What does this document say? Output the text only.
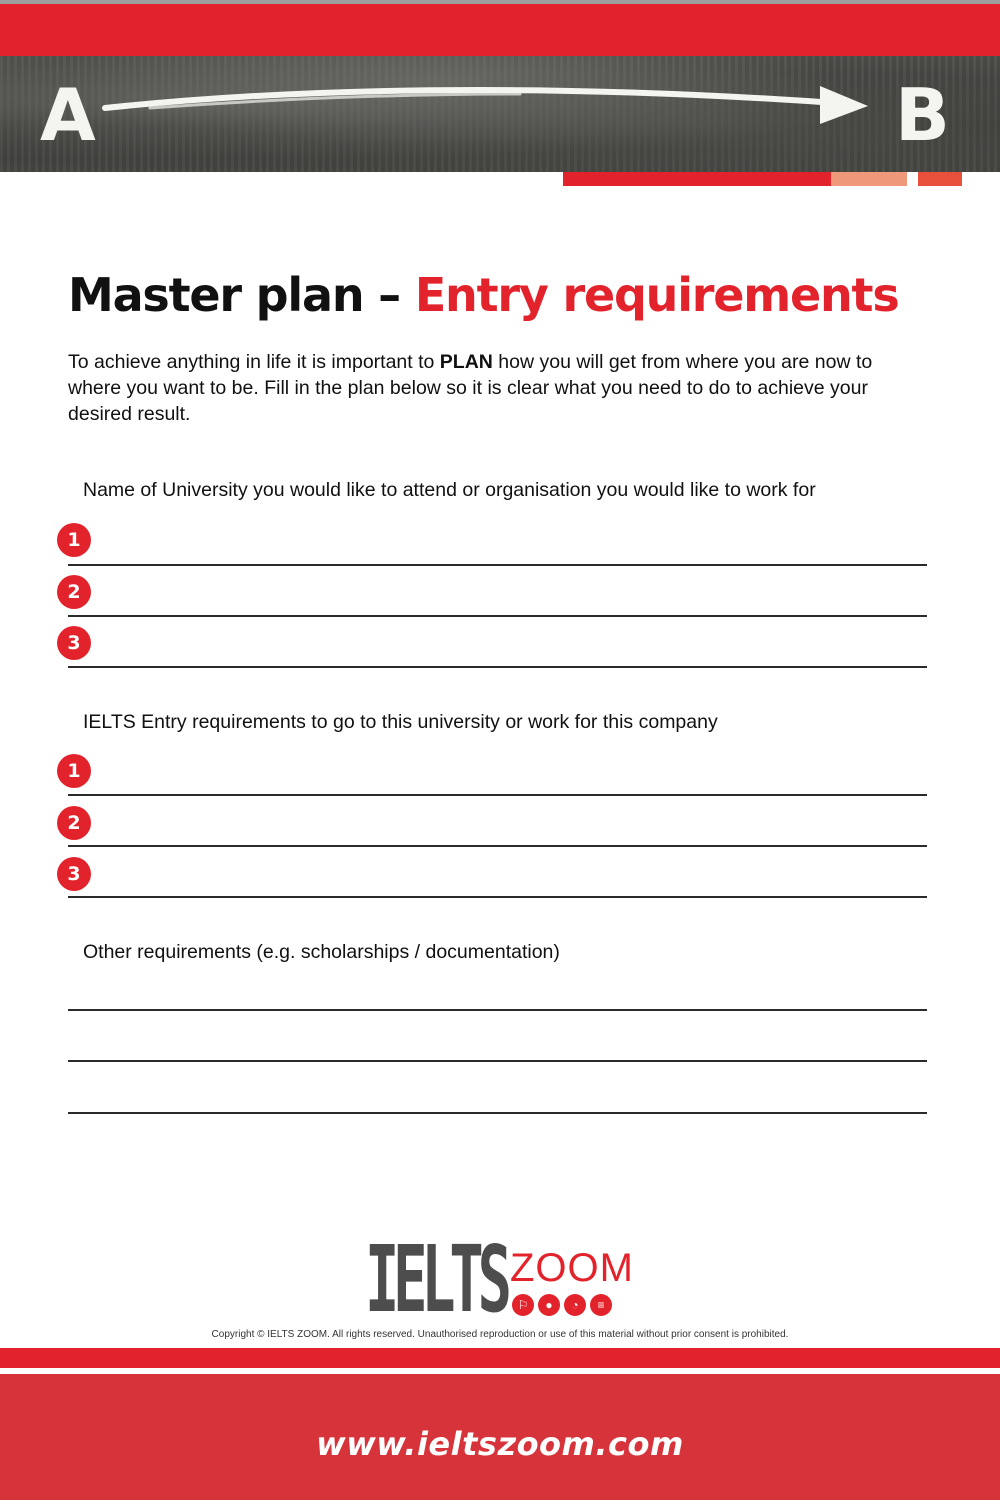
A	B
Master plan – Entry requirements

To achieve anything in life it is important to PLAN how you will get from where you are now to where you want to be. Fill in the plan below so it is clear what you need to do to achieve your desired result.

Name of University you would like to attend or organisation you would like to work for

1
2
3

IELTS Entry requirements to go to this university or work for this company

1
2
3

Other requirements (e.g. scholarships / documentation)

IELTS ZOOM
⚐	●	◔	≡

Copyright © IELTS ZOOM. All rights reserved. Unauthorised reproduction or use of this material without prior consent is prohibited.

www.ieltszoom.com
